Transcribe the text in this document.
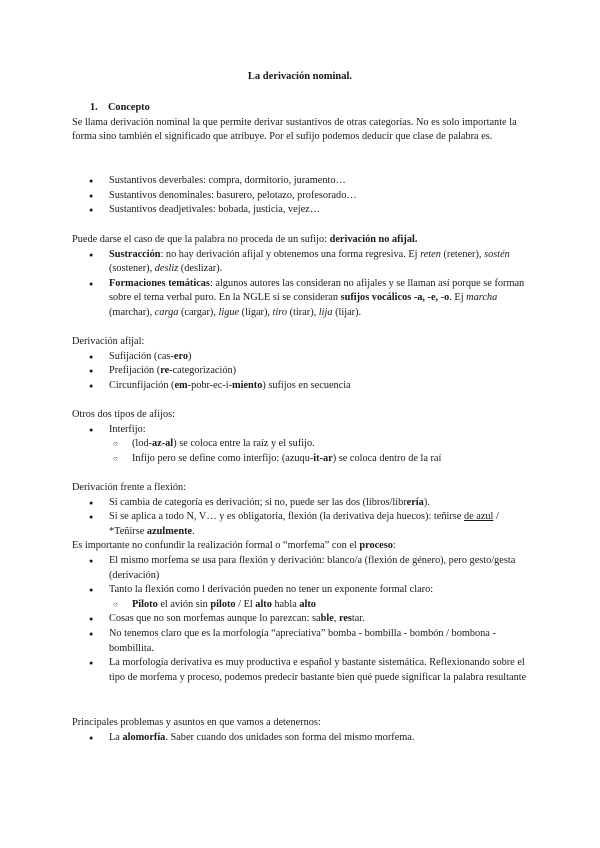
La derivación nominal.

1. Concepto

Se llama derivación nominal la que permite derivar sustantivos de otras categorías. No es solo importante la forma sino también el significado que atribuye. Por el sufijo podemos deducir que clase de palabra es.

● Sustantivos deverbales: compra, dormitorio, juramento…
● Sustantivos denominales: basurero, pelotazo, profesorado…
● Sustantivos deadjetivales: bobada, justicia, vejez…

Puede darse el caso de que la palabra no proceda de un sufijo: derivación no afijal.

● Sustracción: no hay derivación afijal y obtenemos una forma regresiva. Ej reten (retener), sostén (sostener), desliz (deslizar).
● Formaciones temáticas: algunos autores las consideran no afijales y se llaman así porque se forman sobre el tema verbal puro. En la NGLE si se consideran sufijos vocálicos -a, -e, -o. Ej marcha (marchar), carga (cargar), ligue (ligar), tiro (tirar), lija (lijar).

Derivación afijal:

● Sufijación (cas-ero)
● Prefijación (re-categorización)
● Circunfijación (em-pobr-ec-i-miento) sufijos en secuencia

Otros dos tipos de afijos:

● Interfijo:
○ (lod-az-al) se coloca entre la raíz y el sufijo.
○ Infijo pero se define como interfijo: (azuqu-it-ar) se coloca dentro de la raí

Derivación frente a flexión:

● Si cambia de categoría es derivación; si no, puede ser las dos (libros/librería).
● Si se aplica a todo N, V… y es obligatoria, flexión (la derivativa deja huecos): teñirse de azul / *Teñirse azulmente.

Es importante no confundir la realización formal o “morfema” con el proceso:

● El mismo morfema se usa para flexión y derivación: blanco/a (flexión de género), pero gesto/gesta (derivación)
● Tanto la flexión como l derivación pueden no tener un exponente formal claro:
○ Piloto el avión sin piloto / El alto habla alto
● Cosas que no son morfemas aunque lo parezcan: sable, restar.
● No tenemos claro que es la morfología “apreciativa” bomba - bombilla - bombón / bombona - bombillita.
● La morfología derivativa es muy productiva e español y bastante sistemática. Reflexionando sobre el tipo de morfema y proceso, podemos predecir bastante bien qué puede significar la palabra resultante

Principales problemas y asuntos en que vamos a detenernos:

● La alomorfía. Saber cuando dos unidades son forma del mismo morfema.
